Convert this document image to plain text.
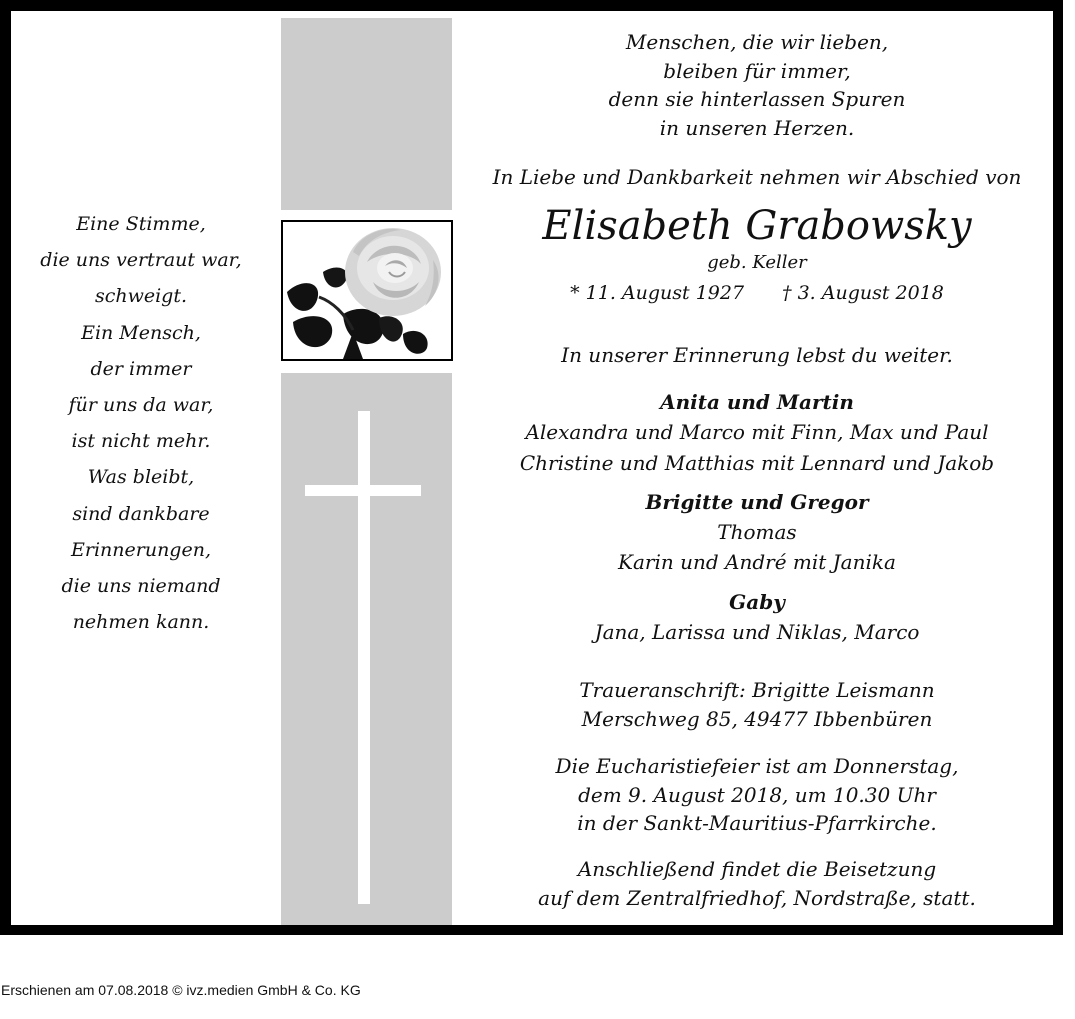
Eine Stimme,
die uns vertraut war,
schweigt.
Ein Mensch,
der immer
für uns da war,
ist nicht mehr.
Was bleibt,
sind dankbare
Erinnerungen,
die uns niemand
nehmen kann.
Menschen, die wir lieben,
bleiben für immer,
denn sie hinterlassen Spuren
in unseren Herzen.
In Liebe und Dankbarkeit nehmen wir Abschied von
Elisabeth Grabowsky
geb. Keller
* 11. August 1927 † 3. August 2018
In unserer Erinnerung lebst du weiter.
Anita und Martin
Alexandra und Marco mit Finn, Max und Paul
Christine und Matthias mit Lennard und Jakob
Brigitte und Gregor
Thomas
Karin und André mit Janika
Gaby
Jana, Larissa und Niklas, Marco
Traueranschrift: Brigitte Leismann
Merschweg 85, 49477 Ibbenbüren
Die Eucharistiefeier ist am Donnerstag,
dem 9. August 2018, um 10.30 Uhr
in der Sankt-Mauritius-Pfarrkirche.
Anschließend findet die Beisetzung
auf dem Zentralfriedhof, Nordstraße, statt.
Erschienen am 07.08.2018 © ivz.medien GmbH & Co. KG
